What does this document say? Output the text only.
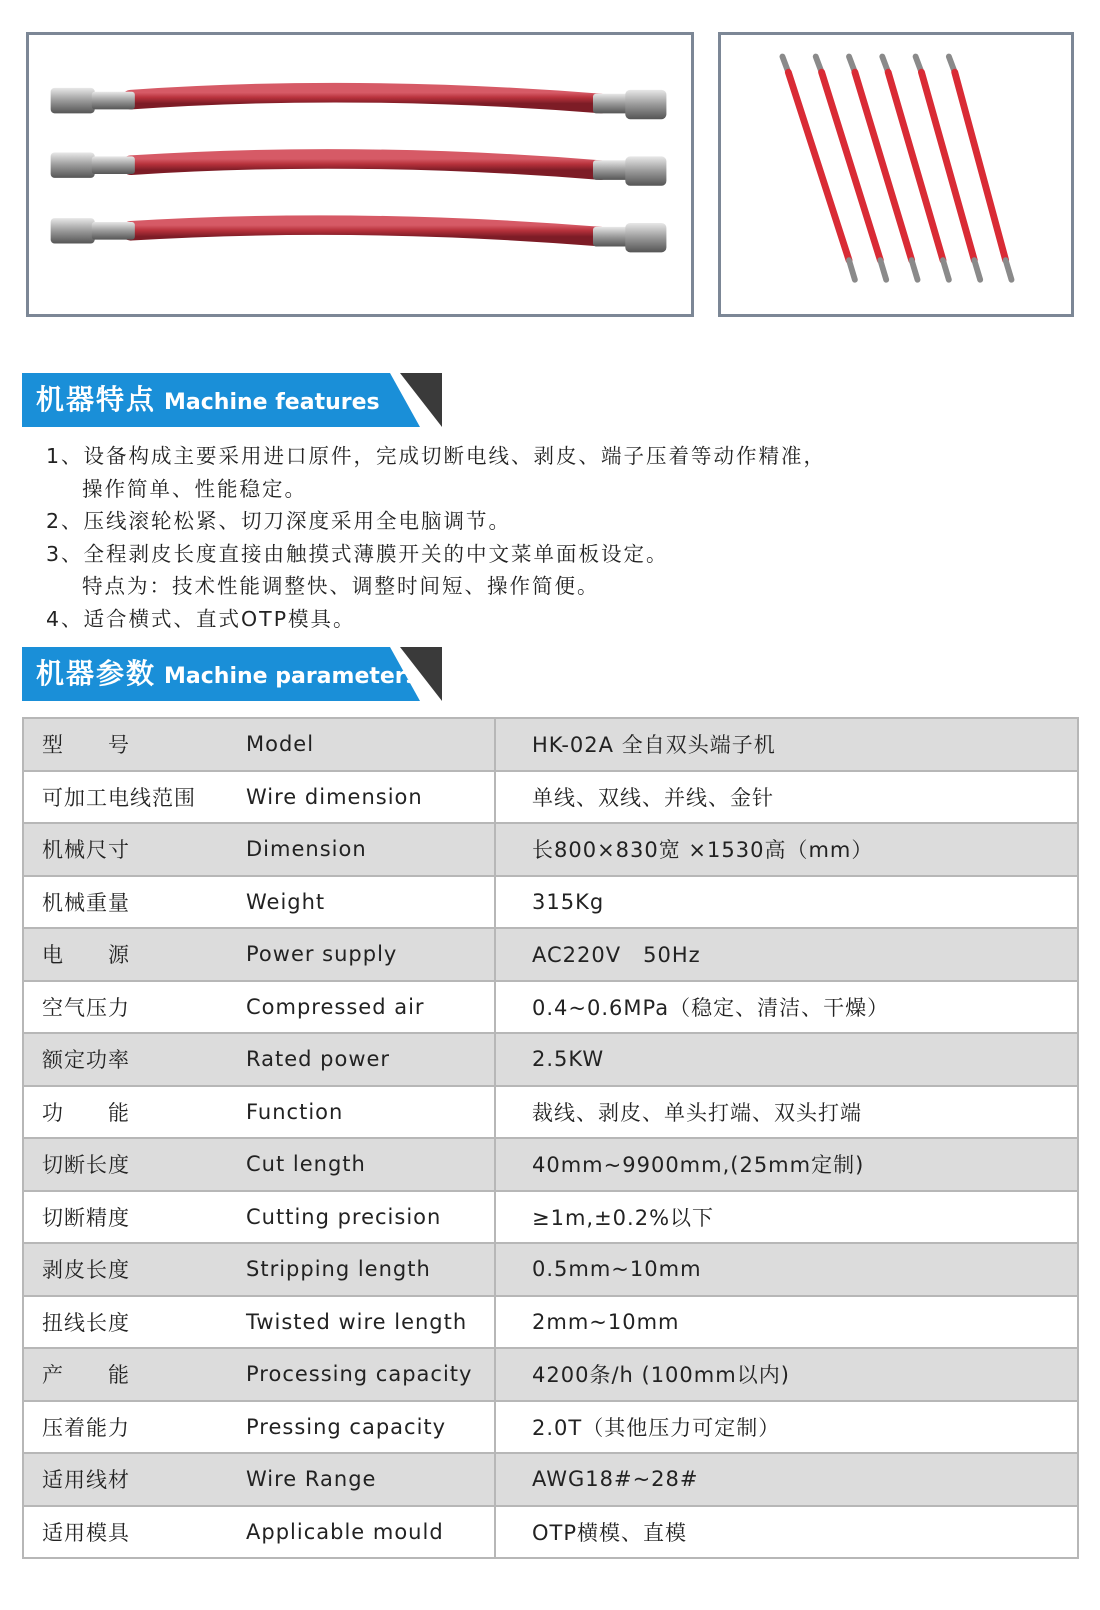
机器特点 Machine features
1、设备构成主要采用进口原件，完成切断电线、剥皮、端子压着等动作精准，
操作简单、性能稳定。
2、压线滚轮松紧、切刀深度采用全电脑调节。
3、全程剥皮长度直接由触摸式薄膜开关的中文菜单面板设定。
特点为：技术性能调整快、调整时间短、操作简便。
4、适合横式、直式OTP模具。
机器参数 Machine parameters
型　　号	Model	HK-02A 全自双头端子机
可加工电线范围	Wire dimension	单线、双线、并线、金针
机械尺寸	Dimension	长800×830宽 ×1530高（mm）
机械重量	Weight	315Kg
电　　源	Power supply	AC220V　50Hz
空气压力	Compressed air	0.4~0.6MPa（稳定、清洁、干燥）
额定功率	Rated power	2.5KW
功　　能	Function	裁线、剥皮、单头打端、双头打端
切断长度	Cut length	40mm~9900mm,(25mm定制)
切断精度	Cutting precision	≥1m,±0.2%以下
剥皮长度	Stripping length	0.5mm~10mm
扭线长度	Twisted wire length	2mm~10mm
产　　能	Processing capacity	4200条/h (100mm以内)
压着能力	Pressing capacity	2.0T（其他压力可定制）
适用线材	Wire Range	AWG18#~28#
适用模具	Applicable mould	OTP横模、直模
